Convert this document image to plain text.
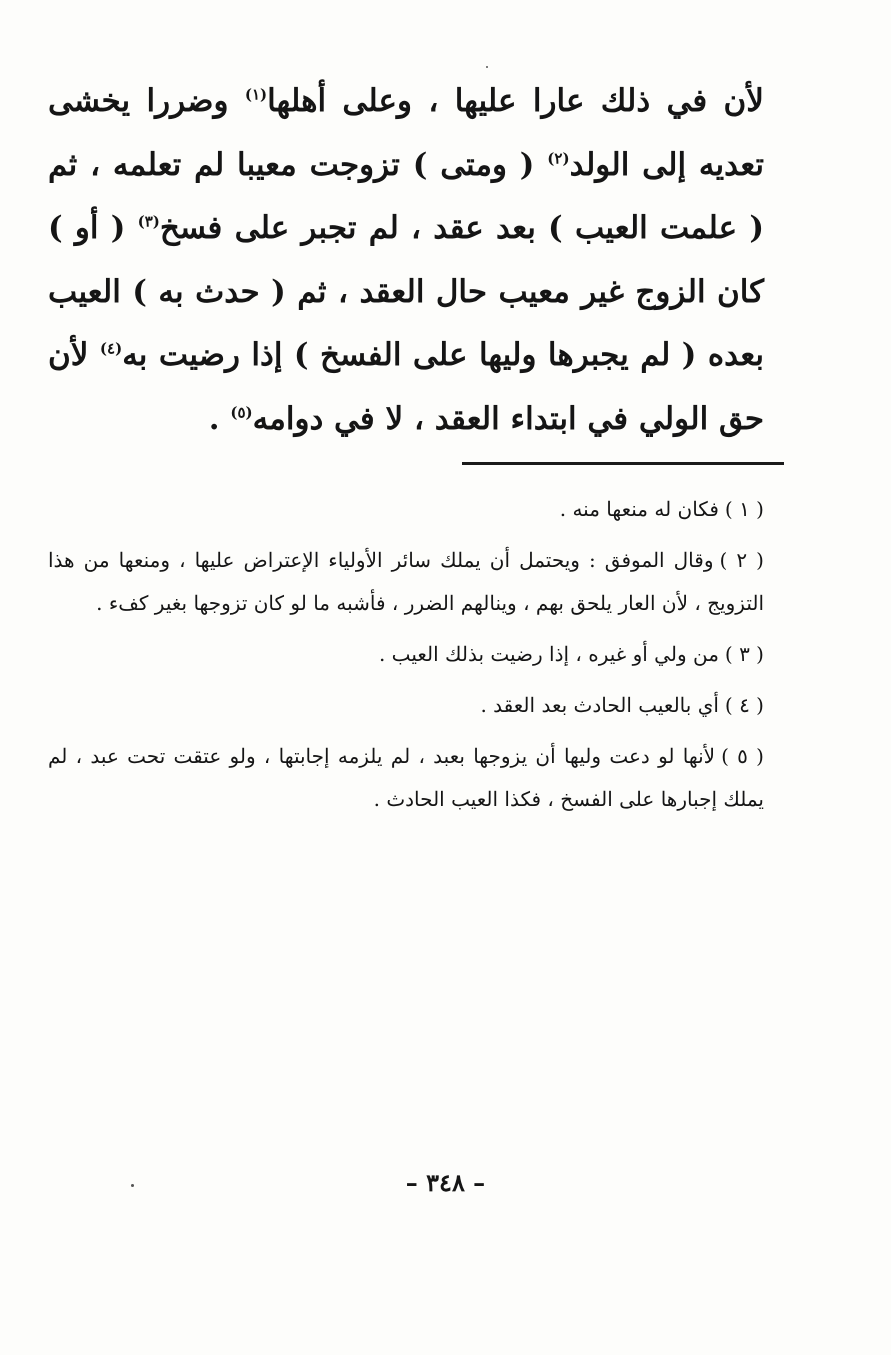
لأن في ذلك عارا عليها ، وعلى أهلها$^{(١)}$ وضررا يخشى تعديه إلى الولد$^{(٢)}$ ( ومتى ) تزوجت معيبا لم تعلمه ، ثم ( علمت العيب ) بعد عقد ، لم تجبر على فسخ$^{(٣)}$ ( أو ) كان الزوج غير معيب حال العقد ، ثم ( حدث به ) العيب بعده ( لم يجبرها وليها على الفسخ ) إذا رضيت به$^{(٤)}$ لأن حق الولي في ابتداء العقد ، لا في دوامه$^{(٥)}$ .

( ١ )فكان له منعها منه .

( ٢ )وقال الموفق : ويحتمل أن يملك سائر الأولياء الإعتراض عليها ، ومنعها من هذا التزويج ، لأن العار يلحق بهم ، وينالهم الضرر ، فأشبه ما لو كان تزوجها بغير كفء .

( ٣ )من ولي أو غيره ، إذا رضيت بذلك العيب .

( ٤ )أي بالعيب الحادث بعد العقد .

( ٥ )لأنها لو دعت وليها أن يزوجها بعبد ، لم يلزمه إجابتها ، ولو عتقت تحت عبد ، لم يملك إجبارها على الفسخ ، فكذا العيب الحادث .

– ٣٤٨ –
